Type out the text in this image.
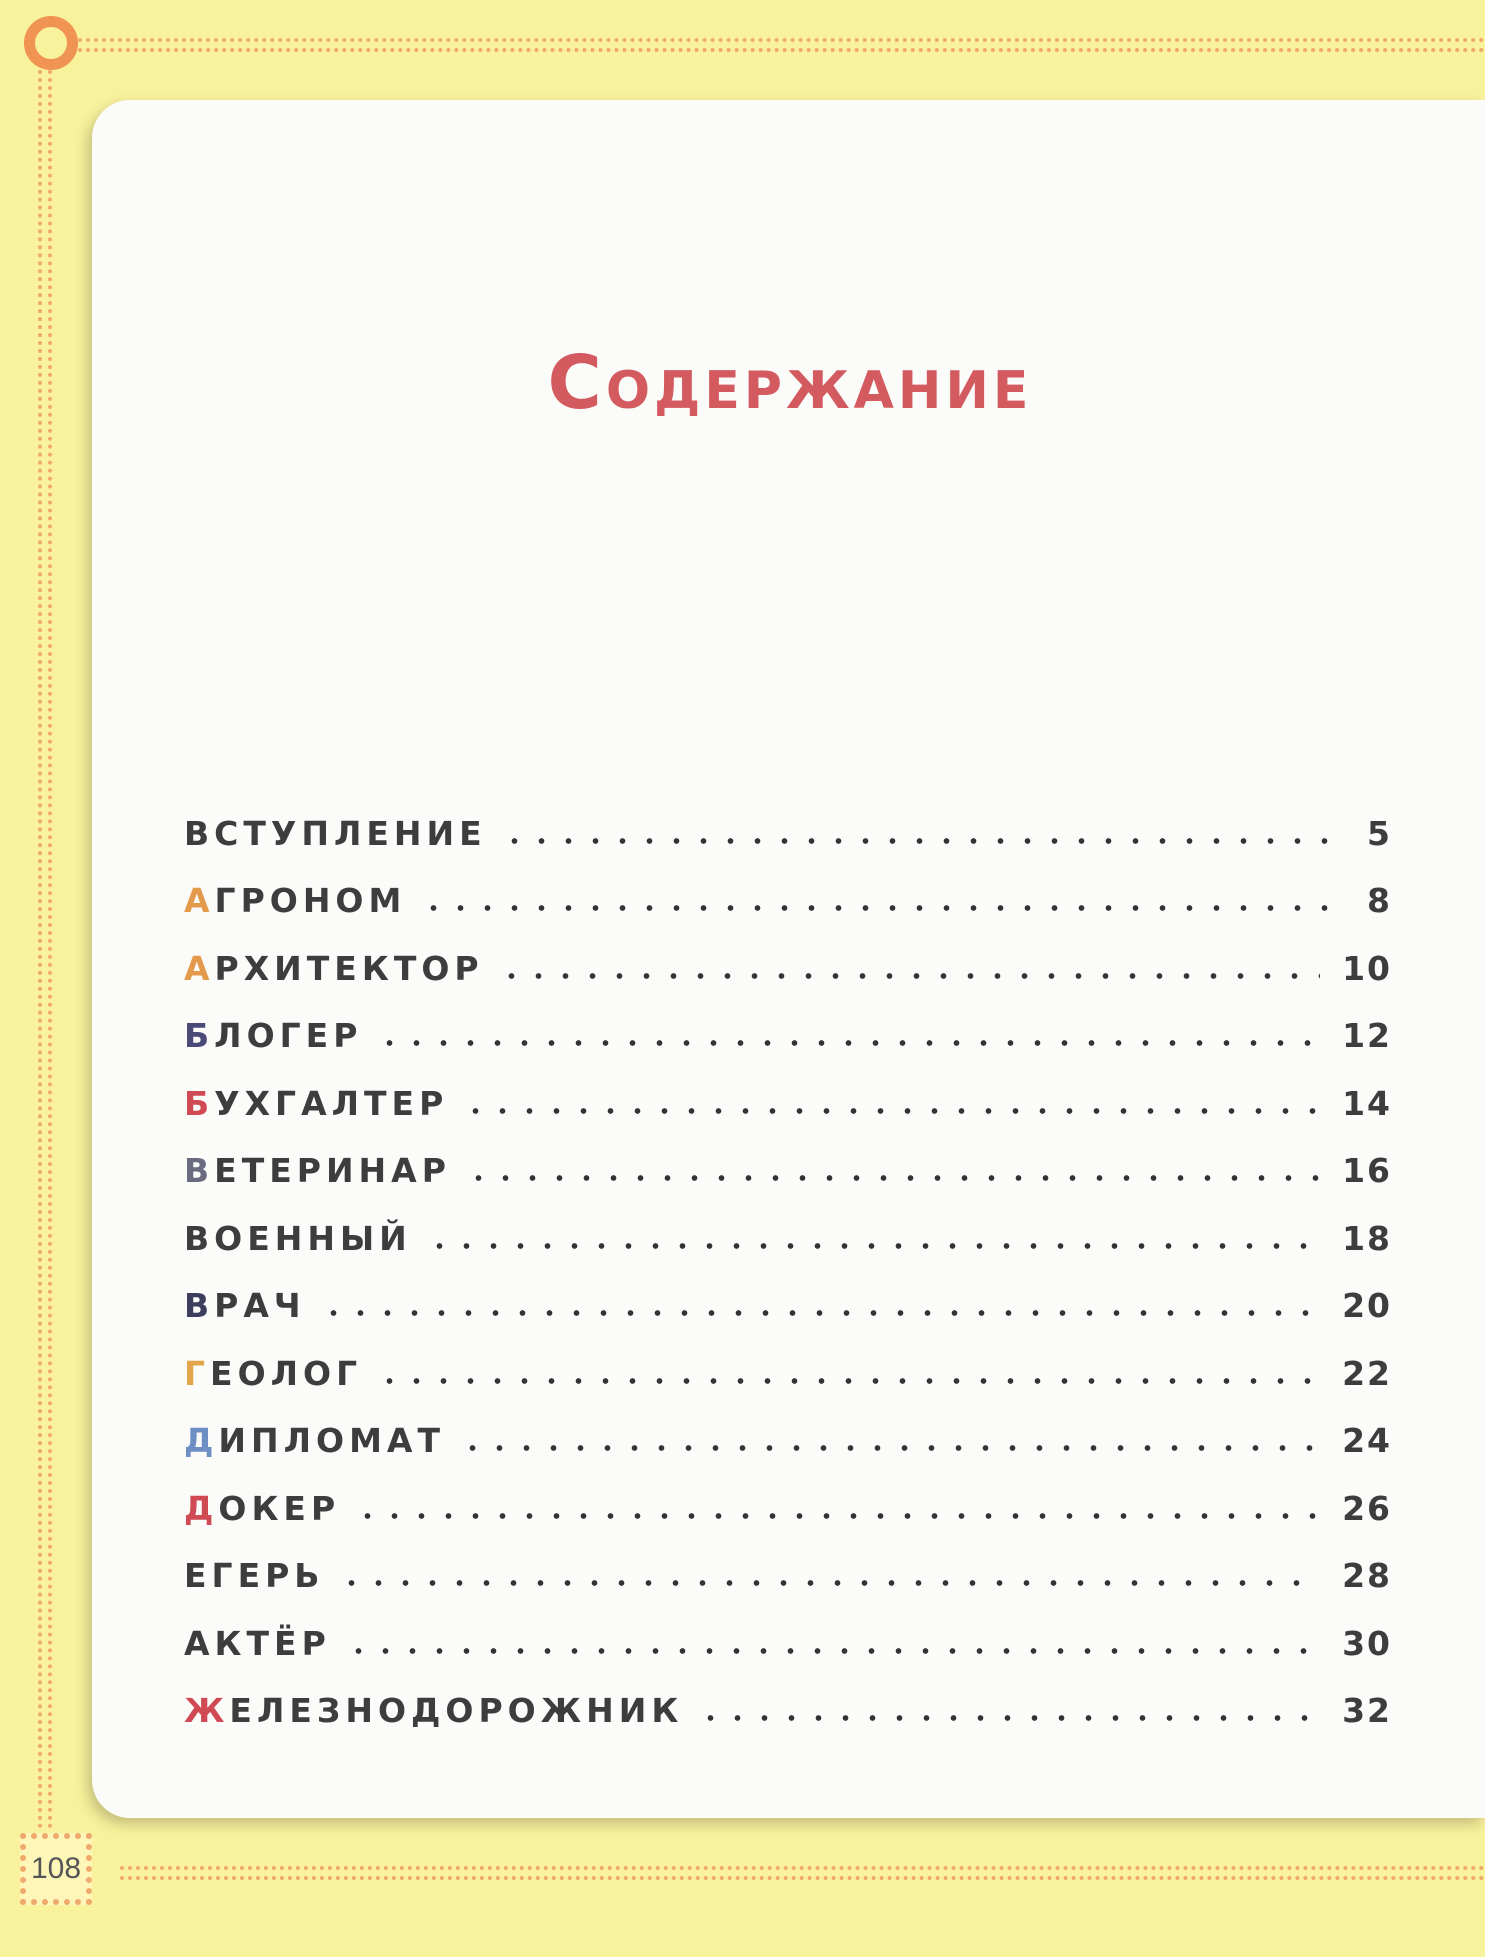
Содержание
ВСТУПЛЕНИЕ	5
АГРОНОМ	8
АРХИТЕКТОР	10
БЛОГЕР	12
БУХГАЛТЕР	14
ВЕТЕРИНАР	16
ВОЕННЫЙ	18
ВРАЧ	20
ГЕОЛОГ	22
ДИПЛОМАТ	24
ДОКЕР	26
ЕГЕРЬ	28
АКТЁР	30
ЖЕЛЕЗНОДОРОЖНИК	32
108
